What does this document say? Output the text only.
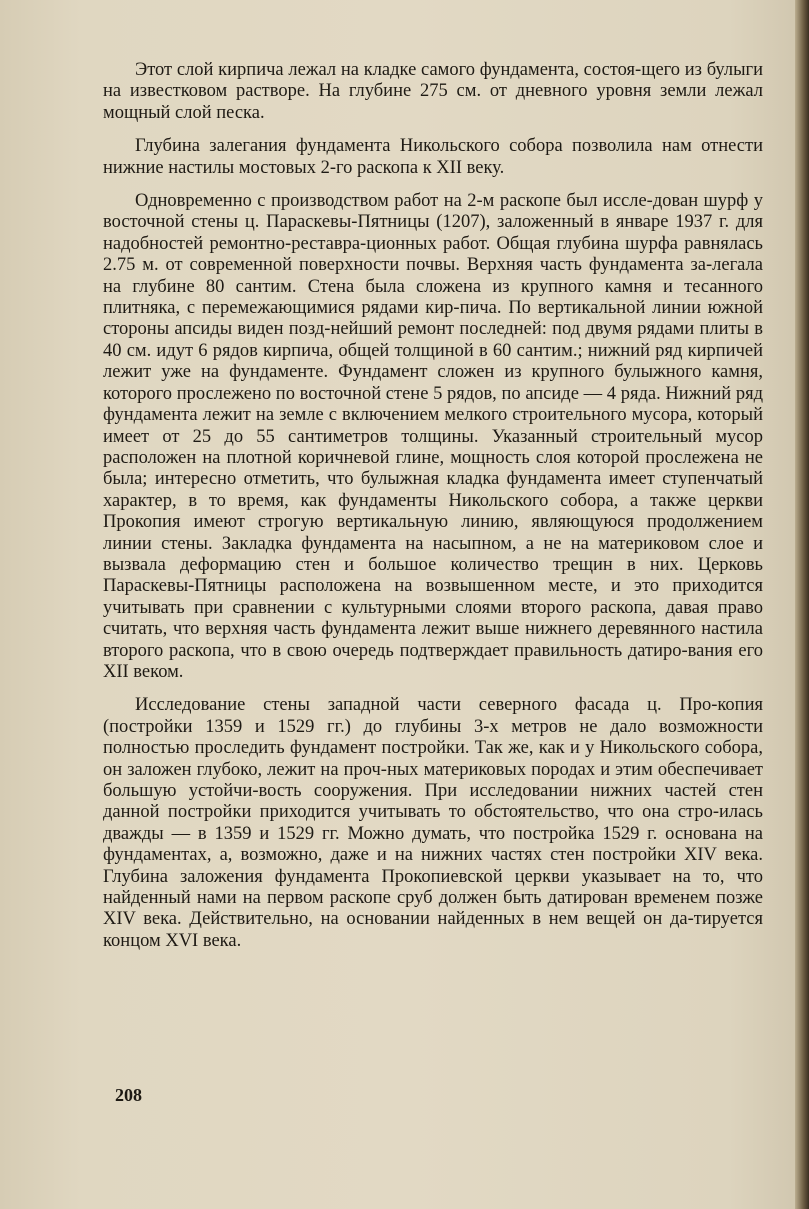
Этот слой кирпича лежал на кладке самого фундамента, состоя-щего из булыги на известковом растворе. На глубине 275 см. от дневного уровня земли лежал мощный слой песка.

Глубина залегания фундамента Никольского собора позволила нам отнести нижние настилы мостовых 2-го раскопа к XII веку.

Одновременно с производством работ на 2-м раскопе был иссле-дован шурф у восточной стены ц. Параскевы-Пятницы (1207), заложенный в январе 1937 г. для надобностей ремонтно-реставра-ционных работ. Общая глубина шурфа равнялась 2.75 м. от современной поверхности почвы. Верхняя часть фундамента за-легала на глубине 80 сантим. Стена была сложена из крупного камня и тесанного плитняка, с перемежающимися рядами кир-пича. По вертикальной линии южной стороны апсиды виден позд-нейший ремонт последней: под двумя рядами плиты в 40 см. идут 6 рядов кирпича, общей толщиной в 60 сантим.; нижний ряд кирпичей лежит уже на фундаменте. Фундамент сложен из крупного булыжного камня, которого прослежено по восточной стене 5 рядов, по апсиде — 4 ряда. Нижний ряд фундамента лежит на земле с включением мелкого строительного мусора, который имеет от 25 до 55 сантиметров толщины. Указанный строительный мусор расположен на плотной коричневой глине, мощность слоя которой прослежена не была; интересно отметить, что булыжная кладка фундамента имеет ступенчатый характер, в то время, как фундаменты Никольского собора, а также церкви Прокопия имеют строгую вертикальную линию, являющуюся продолжением линии стены. Закладка фундамента на насыпном, а не на материковом слое и вызвала деформацию стен и большое количество трещин в них. Церковь Параскевы-Пятницы расположена на возвышенном месте, и это приходится учитывать при сравнении с культурными слоями второго раскопа, давая право считать, что верхняя часть фундамента лежит выше нижнего деревянного настила второго раскопа, что в свою очередь подтверждает правильность датиро-вания его XII веком.

Исследование стены западной части северного фасада ц. Про-копия (постройки 1359 и 1529 гг.) до глубины 3-х метров не дало возможности полностью проследить фундамент постройки. Так же, как и у Никольского собора, он заложен глубоко, лежит на проч-ных материковых породах и этим обеспечивает большую устойчи-вость сооружения. При исследовании нижних частей стен данной постройки приходится учитывать то обстоятельство, что она стро-илась дважды — в 1359 и 1529 гг. Можно думать, что постройка 1529 г. основана на фундаментах, а, возможно, даже и на нижних частях стен постройки XIV века. Глубина заложения фундамента Прокопиевской церкви указывает на то, что найденный нами на первом раскопе сруб должен быть датирован временем позже XIV века. Действительно, на основании найденных в нем вещей он да-тируется концом XVI века.

208
